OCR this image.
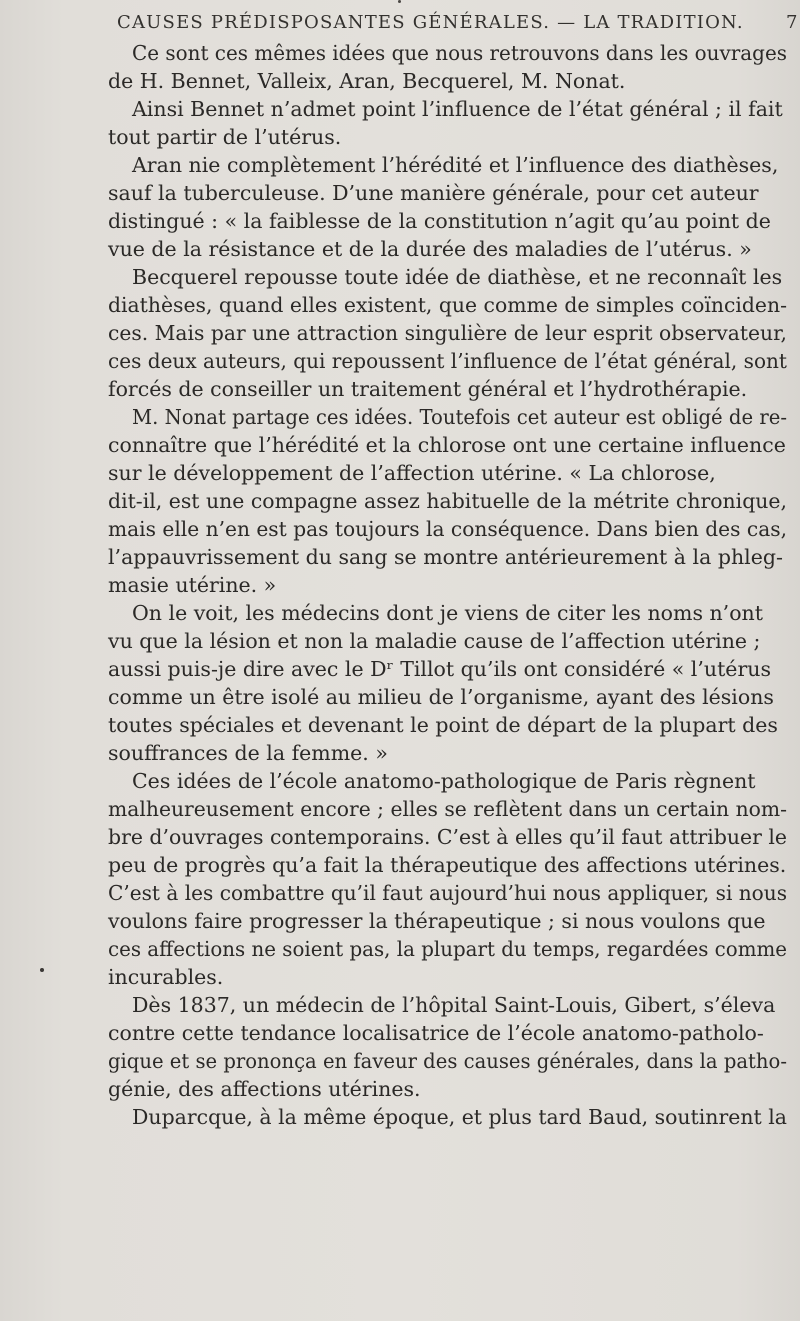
CAUSES PRÉDISPOSANTES GÉNÉRALES. — LA TRADITION. 7
Ce sont ces mêmes idées que nous retrouvons dans les ouvrages
de H. Bennet, Valleix, Aran, Becquerel, M. Nonat.
Ainsi Bennet n’admet point l’influence de l’état général ; il fait
tout partir de l’utérus.
Aran nie complètement l’hérédité et l’influence des diathèses,
sauf la tuberculeuse. D’une manière générale, pour cet auteur
distingué : « la faiblesse de la constitution n’agit qu’au point de
vue de la résistance et de la durée des maladies de l’utérus. »
Becquerel repousse toute idée de diathèse, et ne reconnaît les
diathèses, quand elles existent, que comme de simples coïnciden-
ces. Mais par une attraction singulière de leur esprit observateur,
ces deux auteurs, qui repoussent l’influence de l’état général, sont
forcés de conseiller un traitement général et l’hydrothérapie.
M. Nonat partage ces idées. Toutefois cet auteur est obligé de re-
connaître que l’hérédité et la chlorose ont une certaine influence
sur le développement de l’affection utérine. « La chlorose,
dit-il, est une compagne assez habituelle de la métrite chronique,
mais elle n’en est pas toujours la conséquence. Dans bien des cas,
l’appauvrissement du sang se montre antérieurement à la phleg-
masie utérine. »
On le voit, les médecins dont je viens de citer les noms n’ont
vu que la lésion et non la maladie cause de l’affection utérine ;
aussi puis-je dire avec le Dʳ Tillot qu’ils ont considéré « l’utérus
comme un être isolé au milieu de l’organisme, ayant des lésions
toutes spéciales et devenant le point de départ de la plupart des
souffrances de la femme. »
Ces idées de l’école anatomo-pathologique de Paris règnent
malheureusement encore ; elles se reflètent dans un certain nom-
bre d’ouvrages contemporains. C’est à elles qu’il faut attribuer le
peu de progrès qu’a fait la thérapeutique des affections utérines.
C’est à les combattre qu’il faut aujourd’hui nous appliquer, si nous
voulons faire progresser la thérapeutique ; si nous voulons que
ces affections ne soient pas, la plupart du temps, regardées comme
incurables.
Dès 1837, un médecin de l’hôpital Saint-Louis, Gibert, s’éleva
contre cette tendance localisatrice de l’école anatomo-patholo-
gique et se prononça en faveur des causes générales, dans la patho-
génie, des affections utérines.
Duparcque, à la même époque, et plus tard Baud, soutinrent la
